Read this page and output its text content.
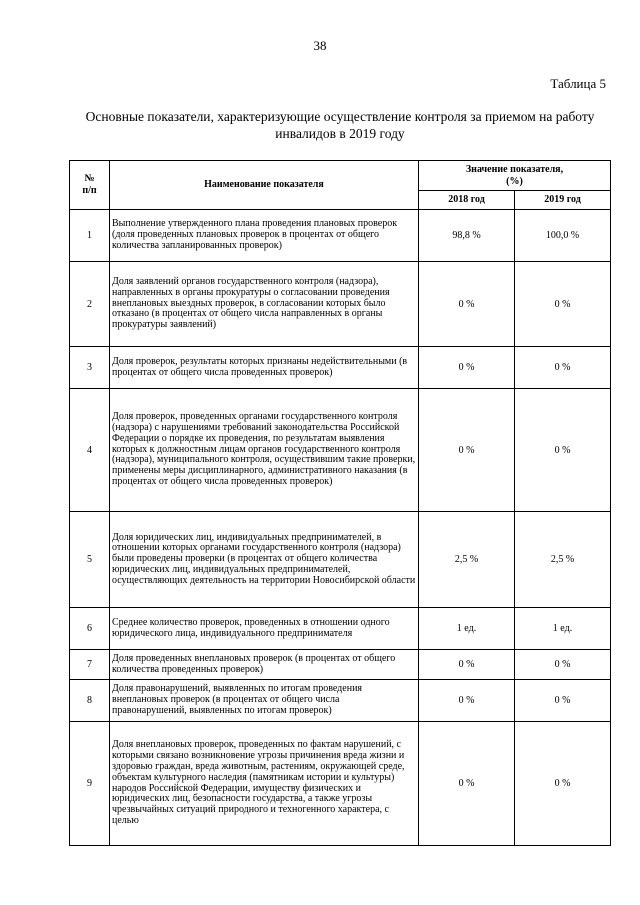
38
Таблица 5
Основные показатели, характеризующие осуществление контроля за приемом на работу инвалидов в 2019 году
№
п/п	Наименование показателя	Значение показателя,
(%)	
		2018 год	2019 год
1	Выполнение утвержденного плана проведения плановых проверок (доля проведенных плановых проверок в процентах от общего количества запланированных проверок)	98,8 %	100,0 %
2	Доля заявлений органов государственного контроля (надзора), направленных в органы прокуратуры о согласовании проведения внеплановых выездных проверок, в согласовании которых было отказано (в процентах от общего числа направленных в органы прокуратуры заявлений)	0 %	0 %
3	Доля проверок, результаты которых признаны недействительными (в процентах от общего числа проведенных проверок)	0 %	0 %
4	Доля проверок, проведенных органами государственного контроля (надзора) с нарушениями требований законодательства Российской Федерации о порядке их проведения, по результатам выявления которых к должностным лицам органов государственного контроля (надзора), муниципального контроля, осуществившим такие проверки, применены меры дисциплинарного, административного наказания (в процентах от общего числа проведенных проверок)	0 %	0 %
5	Доля юридических лиц, индивидуальных предпринимателей, в отношении которых органами государственного контроля (надзора) были проведены проверки (в процентах от общего количества юридических лиц, индивидуальных предпринимателей, осуществляющих деятельность на территории Новосибирской области	2,5 %	2,5 %
6	Среднее количество проверок, проведенных в отношении одного юридического лица, индивидуального предпринимателя	1 ед.	1 ед.
7	Доля проведенных внеплановых проверок (в процентах от общего количества проведенных проверок)	0 %	0 %
8	Доля правонарушений, выявленных по итогам проведения внеплановых проверок (в процентах от общего числа правонарушений, выявленных по итогам проверок)	0 %	0 %
9	Доля внеплановых проверок, проведенных по фактам нарушений, с которыми связано возникновение угрозы причинения вреда жизни и здоровью граждан, вреда животным, растениям, окружающей среде, объектам культурного наследия (памятникам истории и культуры) народов Российской Федерации, имуществу физических и юридических лиц, безопасности государства, а также угрозы чрезвычайных ситуаций природного и техногенного характера, с целью	0 %	0 %
